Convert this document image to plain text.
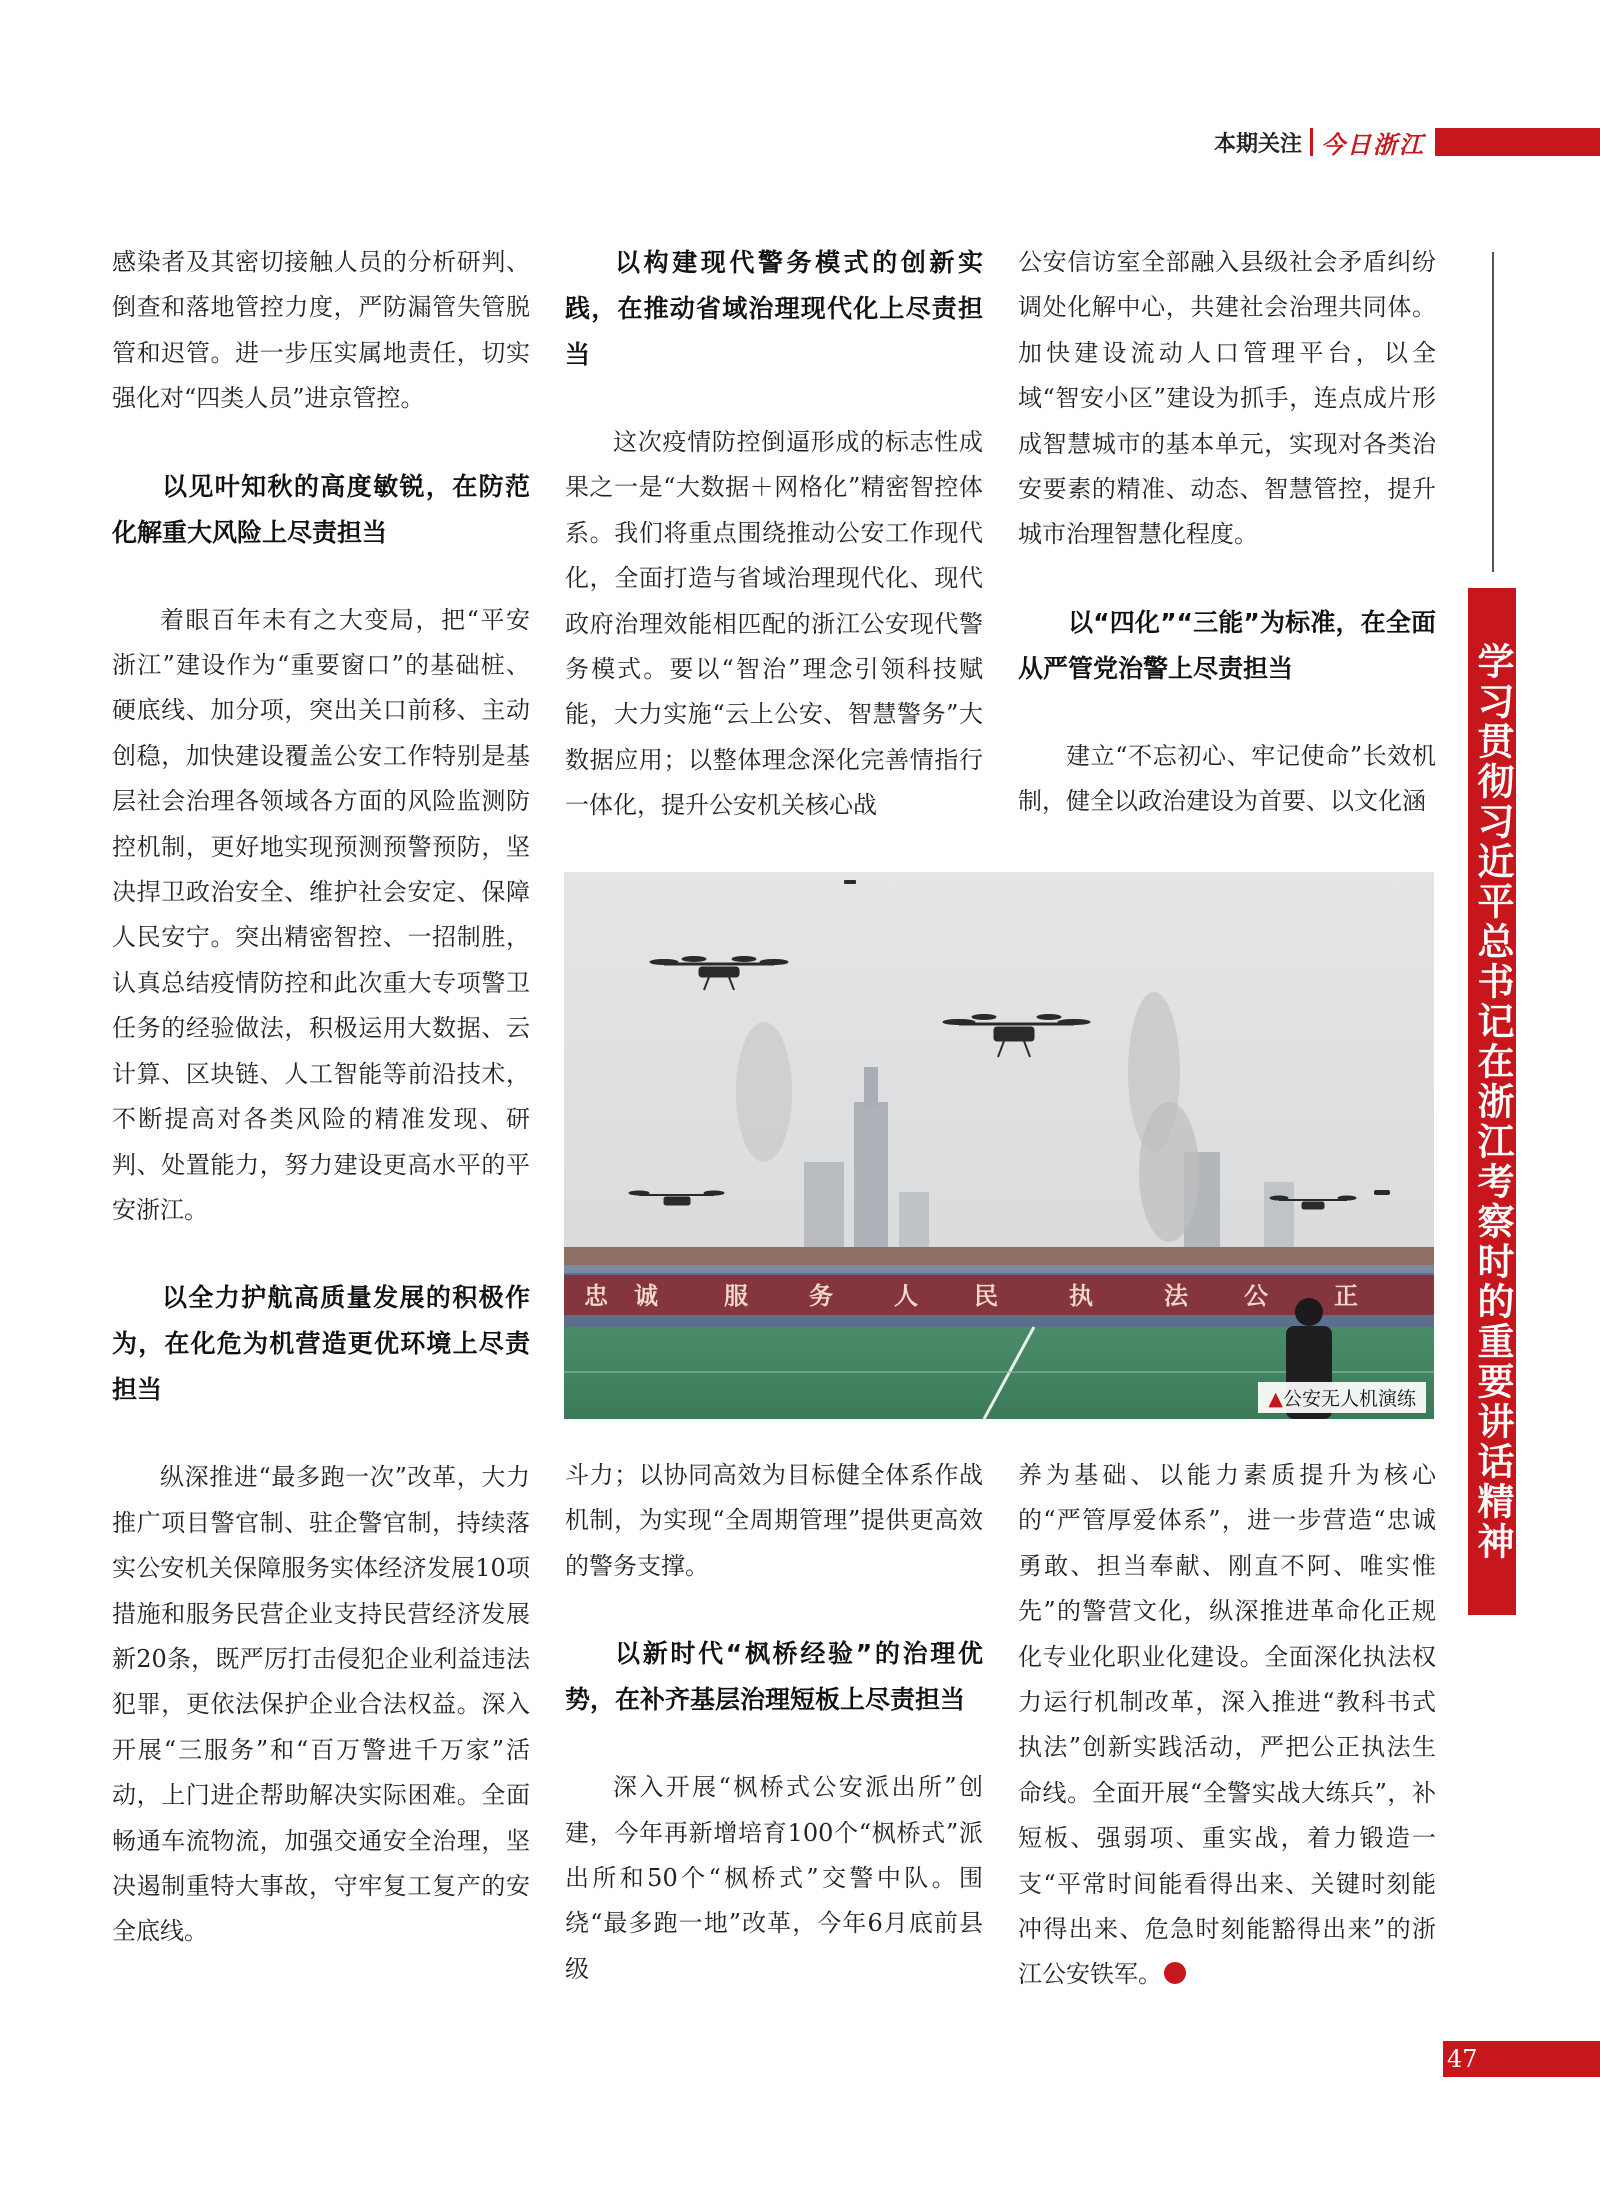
本期关注 今日浙江

感染者及其密切接触人员的分析研判、倒查和落地管控力度，严防漏管失管脱管和迟管。进一步压实属地责任，切实强化对“四类人员”进京管控。

以见叶知秋的高度敏锐，在防范化解重大风险上尽责担当

着眼百年未有之大变局，把“平安浙江”建设作为“重要窗口”的基础桩、硬底线、加分项，突出关口前移、主动创稳，加快建设覆盖公安工作特别是基层社会治理各领域各方面的风险监测防控机制，更好地实现预测预警预防，坚决捍卫政治安全、维护社会安定、保障人民安宁。突出精密智控、一招制胜，认真总结疫情防控和此次重大专项警卫任务的经验做法，积极运用大数据、云计算、区块链、人工智能等前沿技术，不断提高对各类风险的精准发现、研判、处置能力，努力建设更高水平的平安浙江。

以全力护航高质量发展的积极作为，在化危为机营造更优环境上尽责担当

纵深推进“最多跑一次”改革，大力推广项目警官制、驻企警官制，持续落实公安机关保障服务实体经济发展10项措施和服务民营企业支持民营经济发展新20条，既严厉打击侵犯企业利益违法犯罪，更依法保护企业合法权益。深入开展“三服务”和“百万警进千万家”活动，上门进企帮助解决实际困难。全面畅通车流物流，加强交通安全治理，坚决遏制重特大事故，守牢复工复产的安全底线。

以构建现代警务模式的创新实践，在推动省域治理现代化上尽责担当

这次疫情防控倒逼形成的标志性成果之一是“大数据＋网格化”精密智控体系。我们将重点围绕推动公安工作现代化，全面打造与省域治理现代化、现代政府治理效能相匹配的浙江公安现代警务模式。要以“智治”理念引领科技赋能，大力实施“云上公安、智慧警务”大数据应用；以整体理念深化完善情指行一体化，提升公安机关核心战

公安信访室全部融入县级社会矛盾纠纷调处化解中心，共建社会治理共同体。加快建设流动人口管理平台，以全域“智安小区”建设为抓手，连点成片形成智慧城市的基本单元，实现对各类治安要素的精准、动态、智慧管控，提升城市治理智慧化程度。

以“四化”“三能”为标准，在全面从严管党治警上尽责担当

建立“不忘初心、牢记使命”长效机制，健全以政治建设为首要、以文化涵 学习贯彻习近平总书记在浙江考察时的重要讲话精神
忠 诚	服	务	人 民	执	法 公	正
▲公安无人机演练

斗力；以协同高效为目标健全体系作战机制，为实现“全周期管理”提供更高效的警务支撑。

以新时代“枫桥经验”的治理优势，在补齐基层治理短板上尽责担当

深入开展“枫桥式公安派出所”创建，今年再新增培育100个“枫桥式”派出所和50个“枫桥式”交警中队。围绕“最多跑一地”改革，今年6月底前县级

养为基础、以能力素质提升为核心的“严管厚爱体系”，进一步营造“忠诚勇敢、担当奉献、刚直不阿、唯实惟先”的警营文化，纵深推进革命化正规化专业化职业化建设。全面深化执法权力运行机制改革，深入推进“教科书式执法”创新实践活动，严把公正执法生命线。全面开展“全警实战大练兵”，补短板、强弱项、重实战，着力锻造一支“平常时间能看得出来、关键时刻能冲得出来、危急时刻能豁得出来”的浙江公安铁军。

47
